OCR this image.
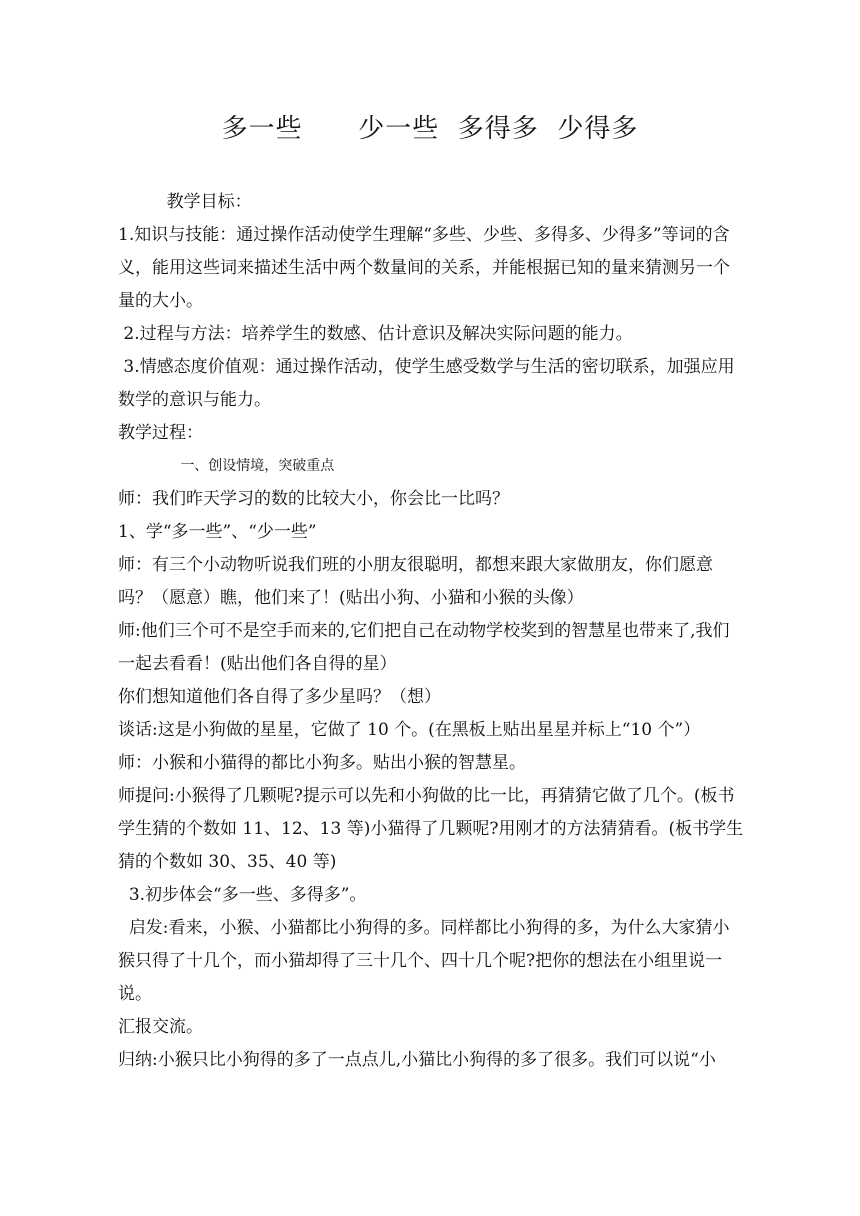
多一些      少一些  多得多  少得多

教学目标：

1.知识与技能：通过操作活动使学生理解“多些、少些、多得多、少得多”等词的含义，能用这些词来描述生活中两个数量间的关系，并能根据已知的量来猜测另一个量的大小。

2.过程与方法：培养学生的数感、估计意识及解决实际问题的能力。

3.情感态度价值观：通过操作活动，使学生感受数学与生活的密切联系，加强应用数学的意识与能力。

教学过程：

一、创设情境，突破重点

师：我们昨天学习的数的比较大小，你会比一比吗？

1、学“多一些”、“少一些”

师：有三个小动物听说我们班的小朋友很聪明，都想来跟大家做朋友，你们愿意吗？（愿意）瞧，他们来了！(贴出小狗、小猫和小猴的头像）

师:他们三个可不是空手而来的,它们把自己在动物学校奖到的智慧星也带来了,我们一起去看看！(贴出他们各自得的星）

你们想知道他们各自得了多少星吗？（想）

谈话:这是小狗做的星星，它做了 10 个。(在黑板上贴出星星并标上“10 个”）

师：小猴和小猫得的都比小狗多。贴出小猴的智慧星。

师提问:小猴得了几颗呢?提示可以先和小狗做的比一比，再猜猜它做了几个。(板书学生猜的个数如 11、12、13 等)小猫得了几颗呢?用刚才的方法猜猜看。(板书学生猜的个数如 30、35、40 等)

3.初步体会“多一些、多得多”。

启发:看来，小猴、小猫都比小狗得的多。同样都比小狗得的多，为什么大家猜小猴只得了十几个，而小猫却得了三十几个、四十几个呢?把你的想法在小组里说一说。

汇报交流。

归纳:小猴只比小狗得的多了一点点儿,小猫比小狗得的多了很多。我们可以说“小
